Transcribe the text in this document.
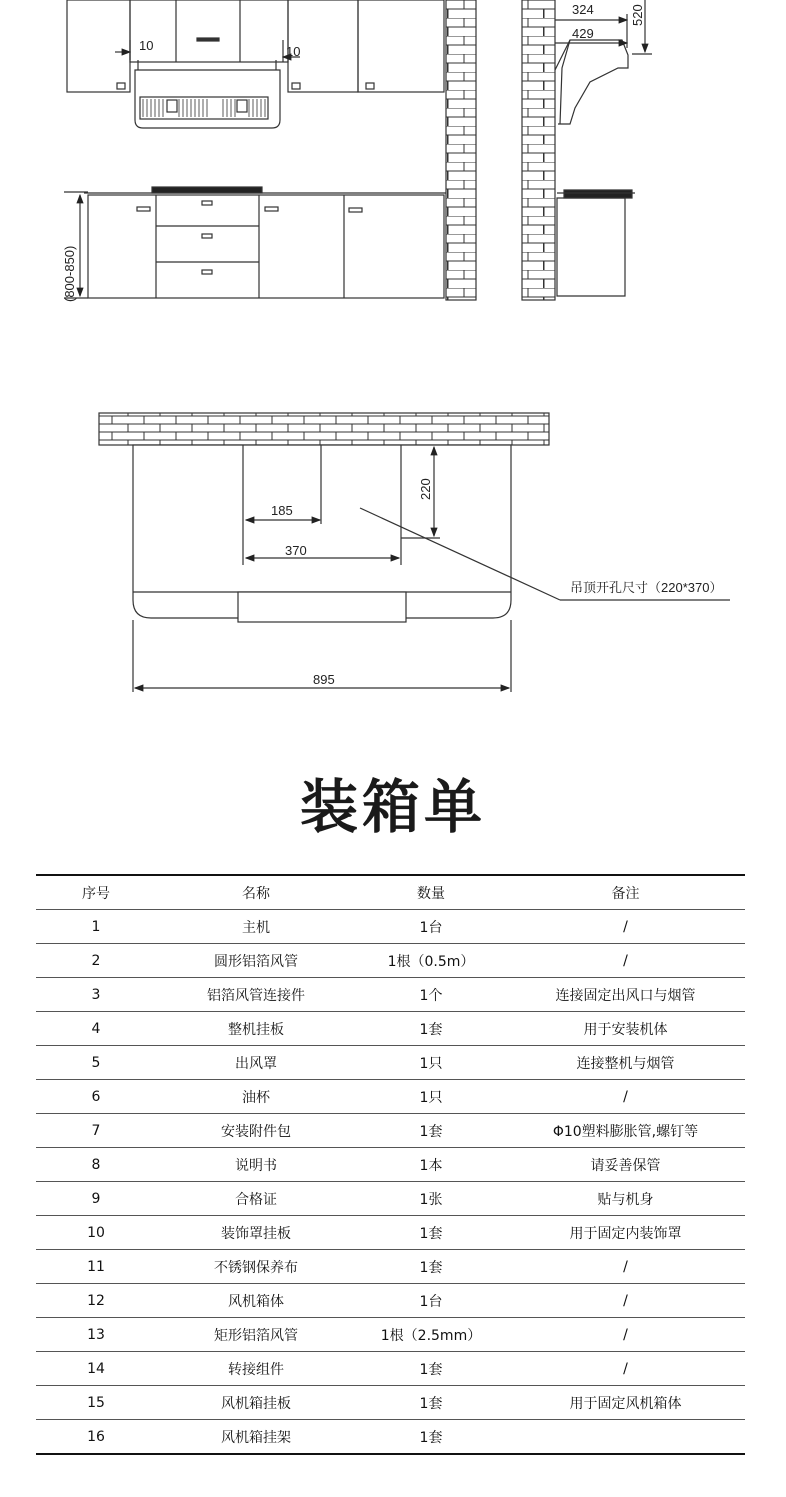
10	10
(800-850)
324
429
520
185
370
220
895
吊顶开孔尺寸（220*370）
装箱单
序号	名称	数量	备注
1	主机	1台	/
2	圆形铝箔风管	1根（0.5m）	/
3	铝箔风管连接件	1个	连接固定出风口与烟管
4	整机挂板	1套	用于安装机体
5	出风罩	1只	连接整机与烟管
6	油杯	1只	/
7	安装附件包	1套	Φ10塑料膨胀管,螺钉等
8	说明书	1本	请妥善保管
9	合格证	1张	贴与机身
10	装饰罩挂板	1套	用于固定内装饰罩
11	不锈钢保养布	1套	/
12	风机箱体	1台	/
13	矩形铝箔风管	1根（2.5mm）	/
14	转接组件	1套	/
15	风机箱挂板	1套	用于固定风机箱体
16	风机箱挂架	1套	
